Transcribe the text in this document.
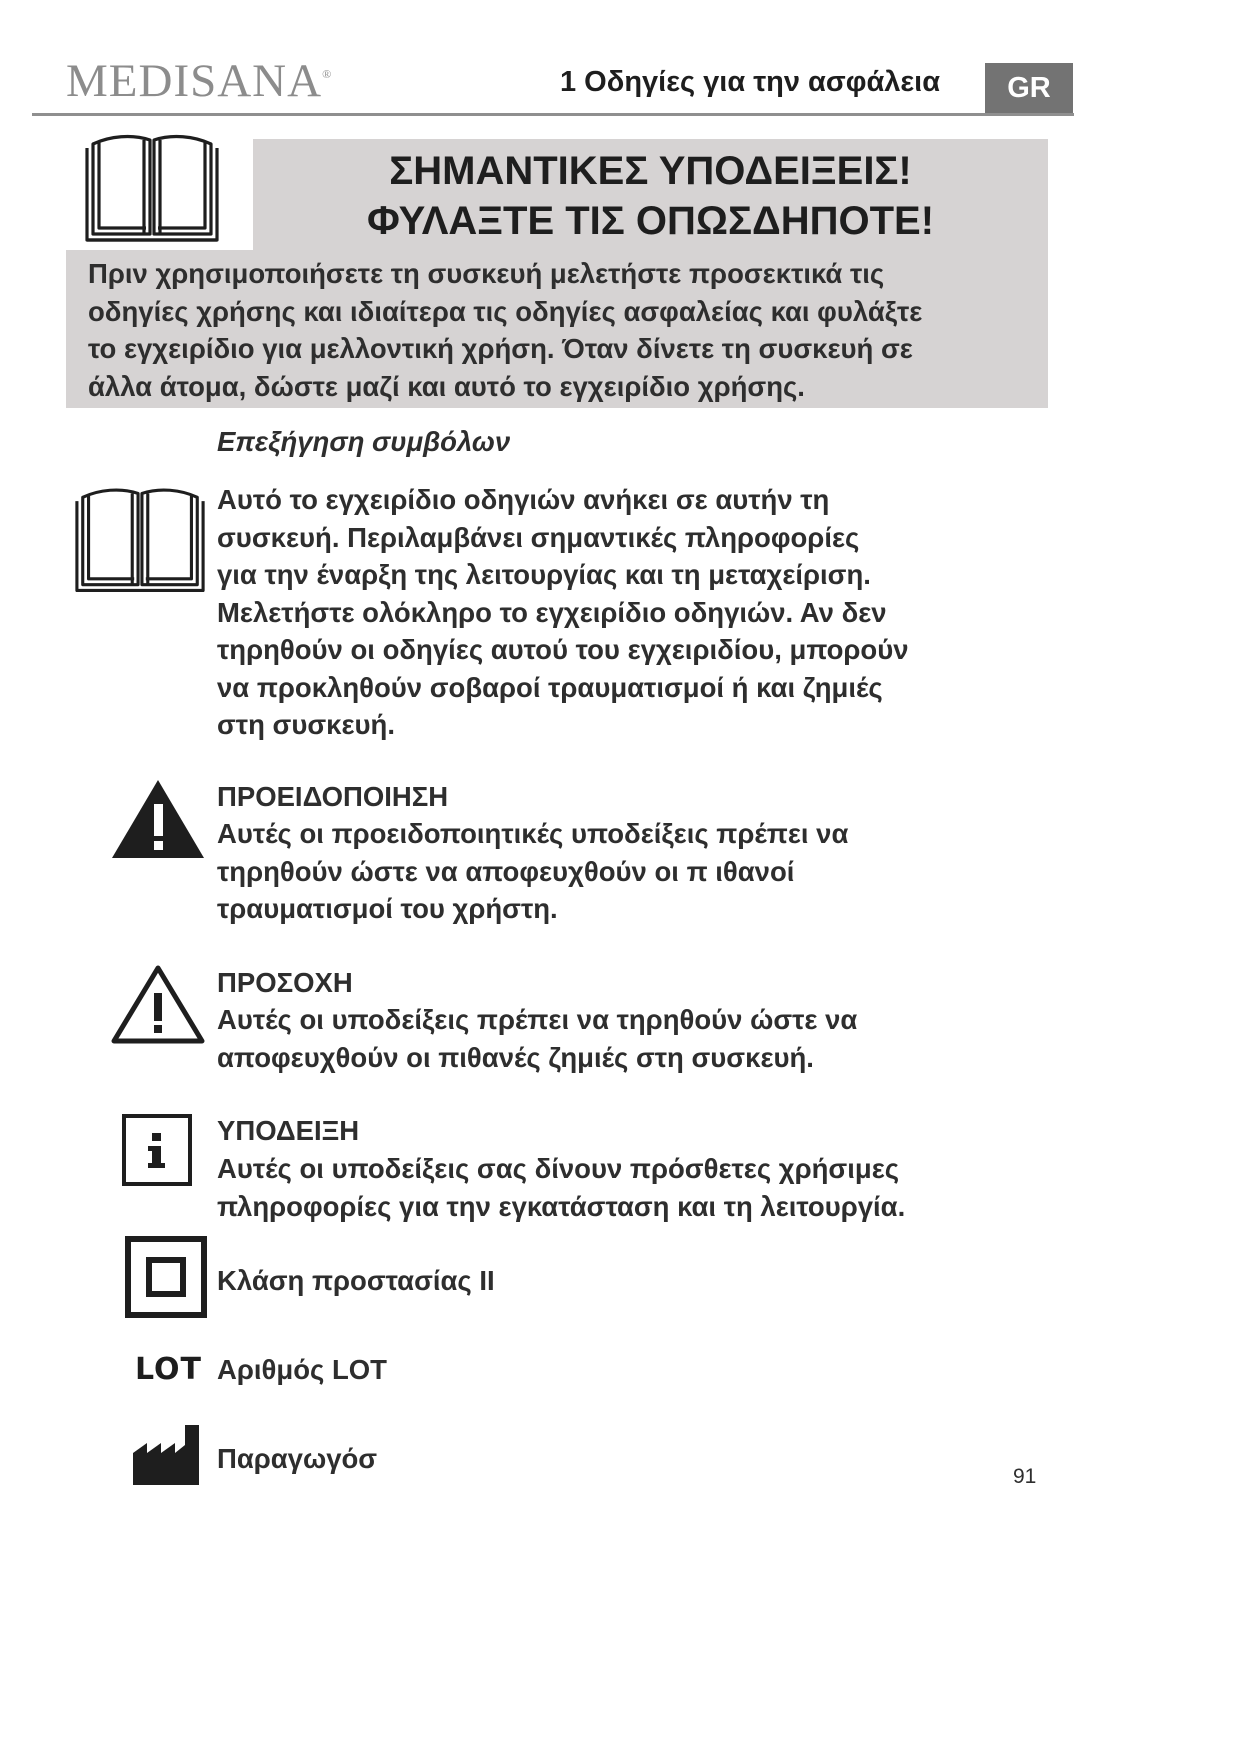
MEDISANA®	1 Οδηγίες για την ασφάλεια	GR
ΣΗΜΑΝΤΙΚΕΣ ΥΠΟΔΕΙΞΕΙΣ!
ΦΥΛΑΞΤΕ ΤΙΣ ΟΠΩΣΔΗΠΟΤΕ!
Πριν χρησιμοποιήσετε τη συσκευή μελετήστε προσεκτικά τις
οδηγίες χρήσης και ιδιαίτερα τις οδηγίες ασφαλείας και φυλάξτε
το εγχειρίδιο για μελλοντική χρήση. Όταν δίνετε τη συσκευή σε
άλλα άτομα, δώστε μαζί και αυτό το εγχειρίδιο χρήσης.
Επεξήγηση συμβόλων
Αυτό το εγχειρίδιο οδηγιών ανήκει σε αυτήν τη
συσκευή. Περιλαμβάνει σημαντικές πληροφορίες
για την έναρξη της λειτουργίας και τη μεταχείριση.
Μελετήστε ολόκληρο το εγχειρίδιο οδηγιών. Αν δεν
τηρηθούν οι οδηγίες αυτού του εγχειριδίου, μπορούν
να προκληθούν σοβαροί τραυματισμοί ή και ζημιές
στη συσκευή.
ΠΡΟΕΙΔΟΠΟΙΗΣΗ
Αυτές οι προειδοποιητικές υποδείξεις πρέπει να
τηρηθούν ώστε να αποφευχθούν οι π ιθανοί
τραυματισμοί του χρήστη.
ΠΡΟΣΟΧΗ
Αυτές οι υποδείξεις πρέπει να τηρηθούν ώστε να
αποφευχθούν οι πιθανές ζημιές στη συσκευή.
ΥΠΟΔΕΙΞΗ
Αυτές οι υποδείξεις σας δίνουν πρόσθετες χρήσιμες
πληροφορίες για την εγκατάσταση και τη λειτουργία.
Κλάση προστασίας II
LOT Αριθμός LOT
Παραγωγόσ
91
